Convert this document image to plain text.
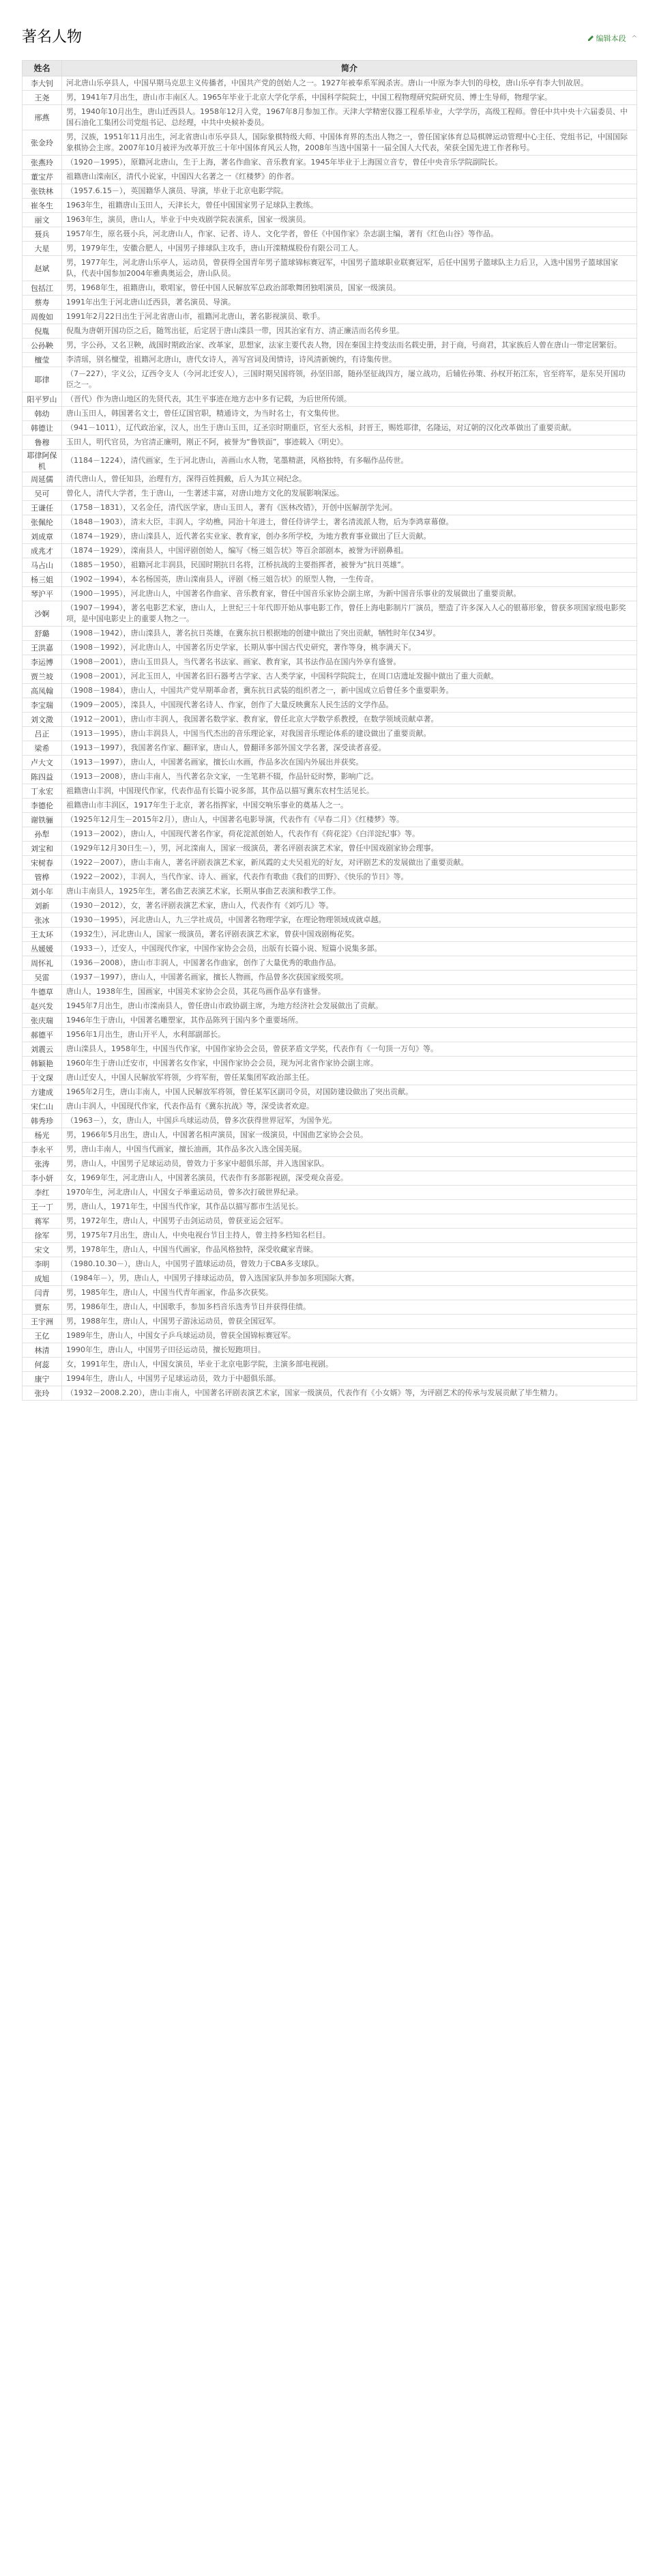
著名人物	编辑本段 ^
姓名	简介
李大钊	河北唐山乐亭县人，中国早期马克思主义传播者，中国共产党的创始人之一。1927年被奉系军阀杀害。唐山一中原为李大钊的母校，唐山乐亭有李大钊故居。
王尧	男，1941年7月出生，唐山市丰南区人。1965年毕业于北京大学化学系，中国科学院院士，中国工程物理研究院研究员、博士生导师，物理学家。
邢燕	男，1940年10月出生，唐山迁西县人。1958年12月入党，1967年8月参加工作。天津大学精密仪器工程系毕业，大学学历，高级工程师。曾任中共中央十六届委员、中国石油化工集团公司党组书记、总经理，中共中央候补委员。
张金玲	男，汉族，1951年11月出生，河北省唐山市乐亭县人，国际象棋特级大师、中国体育界的杰出人物之一，曾任国家体育总局棋牌运动管理中心主任、党组书记，中国国际象棋协会主席。2007年10月被评为改革开放三十年中国体育风云人物，2008年当选中国第十一届全国人大代表，荣获全国先进工作者称号。
张燕玲	（1920－1995），原籍河北唐山，生于上海，著名作曲家、音乐教育家。1945年毕业于上海国立音专，曾任中央音乐学院副院长。
董宝芹	祖籍唐山滦南区，清代小说家，中国四大名著之一《红楼梦》的作者。
张铁林	（1957.6.15－），英国籍华人演员、导演，毕业于北京电影学院。
崔冬生	1963年生，祖籍唐山玉田人，天津长大，曾任中国国家男子足球队主教练。
丽文	1963年生，演员，唐山人，毕业于中央戏剧学院表演系，国家一级演员。
聂兵	1957年生，原名聂小兵，河北唐山人，作家、记者、诗人、文化学者，曾任《中国作家》杂志副主编，著有《红色山谷》等作品。
大星	男，1979年生，安徽合肥人，中国男子排球队主攻手，唐山开滦精煤股份有限公司工人。
赵斌	男，1977年生，河北唐山乐亭人，运动员，曾获得全国青年男子篮球锦标赛冠军，中国男子篮球职业联赛冠军，后任中国男子篮球队主力后卫，入选中国男子篮球国家队，代表中国参加2004年雅典奥运会，唐山队员。
包括江	男，1968年生，祖籍唐山，歌唱家，曾任中国人民解放军总政治部歌舞团独唱演员，国家一级演员。
蔡寿	1991年出生于河北唐山迁西县，著名演员、导演。
周俊如	1991年2月22日出生于河北省唐山市，祖籍河北唐山，著名影视演员、歌手。
倪胤	倪胤为唐朝开国功臣之后，随驾出征，后定居于唐山滦县一带，因其治家有方、清正廉洁而名传乡里。
公孙鞅	男，字公孙，又名卫鞅，战国时期政治家、改革家，思想家，法家主要代表人物，因在秦国主持变法而名载史册，封于商，号商君，其家族后人曾在唐山一带定居繁衍。
檀莹	李清瑶，别名檀莹，祖籍河北唐山，唐代女诗人，善写宫词及闺情诗，诗风清新婉约，有诗集传世。
耶律	（7－227），字义公，辽西令支人（今河北迁安人），三国时期吴国将领，孙坚旧部，随孙坚征战四方，屡立战功，后辅佐孙策、孙权开拓江东，官至将军，是东吴开国功臣之一。
阳平罗山	（晋代）作为唐山地区的先贤代表，其生平事迹在地方志中多有记载，为后世所传颂。
韩幼	唐山玉田人，韩国著名文士，曾任辽国官职，精通诗文，为当时名士，有文集传世。
韩德让	（941－1011），辽代政治家，汉人，出生于唐山玉田，辽圣宗时期重臣，官至大丞相，封晋王，赐姓耶律，名隆运，对辽朝的汉化改革做出了重要贡献。
鲁穆	玉田人，明代官员，为官清正廉明，刚正不阿，被誉为“鲁铁面”，事迹载入《明史》。
耶律阿保机	（1184－1224），清代画家，生于河北唐山，善画山水人物，笔墨精湛，风格独特，有多幅作品传世。
周延儒	清代唐山人，曾任知县，治理有方，深得百姓拥戴，后人为其立祠纪念。
吴可	曾化人，清代大学者，生于唐山，一生著述丰富，对唐山地方文化的发展影响深远。
王谦任	（1758－1831），又名金任，清代医学家，唐山玉田人，著有《医林改错》，开创中医解剖学先河。
张佩纶	（1848－1903），清末大臣，丰润人，字幼樵，同治十年进士，曾任侍讲学士，著名清流派人物，后为李鸿章幕僚。
刘成章	（1874－1929），唐山滦县人，近代著名实业家、教育家，创办多所学校，为地方教育事业做出了巨大贡献。
成兆才	（1874－1929），滦南县人，中国评剧创始人，编写《杨三姐告状》等百余部剧本，被誉为评剧鼻祖。
马占山	（1885－1950），祖籍河北丰润县，民国时期抗日名将，江桥抗战的主要指挥者，被誉为“抗日英雄”。
杨三姐	（1902－1994），本名杨国英，唐山滦南县人，评剧《杨三姐告状》的原型人物，一生传奇。
琴沪平	（1900－1995），河北唐山人，中国著名作曲家、音乐教育家，曾任中国音乐家协会副主席，为新中国音乐事业的发展做出了重要贡献。
沙婀	（1907－1994），著名电影艺术家，唐山人，上世纪三十年代即开始从事电影工作，曾任上海电影制片厂演员，塑造了许多深入人心的银幕形象，曾获多项国家级电影奖项，是中国电影史上的重要人物之一。
舒璐	（1908－1942），唐山滦县人，著名抗日英雄，在冀东抗日根据地的创建中做出了突出贡献，牺牲时年仅34岁。
王洪嘉	（1908－1992），河北唐山人，中国著名历史学家，长期从事中国古代史研究，著作等身，桃李满天下。
李运博	（1908－2001），唐山玉田县人，当代著名书法家、画家、教育家，其书法作品在国内外享有盛誉。
贾兰坡	（1908－2001），河北玉田人，中国著名旧石器考古学家、古人类学家，中国科学院院士，在周口店遗址发掘中做出了重大贡献。
高凤翰	（1908－1984），唐山人，中国共产党早期革命者，冀东抗日武装的组织者之一，新中国成立后曾任多个重要职务。
李宝瑞	（1909－2005），滦县人，中国现代著名诗人、作家，创作了大量反映冀东人民生活的文学作品。
刘文澂	（1912－2001），唐山市丰润人，我国著名数学家、教育家，曾任北京大学数学系教授，在数学领域贡献卓著。
吕正	（1913－1995），唐山丰润县人，中国当代杰出的音乐理论家，对我国音乐理论体系的建设做出了重要贡献。
梁希	（1913－1997），我国著名作家、翻译家，唐山人，曾翻译多部外国文学名著，深受读者喜爱。
卢大文	（1913－1997），唐山人，中国著名画家，擅长山水画，作品多次在国内外展出并获奖。
陈四益	（1913－2008），唐山丰南人，当代著名杂文家，一生笔耕不辍，作品针砭时弊，影响广泛。
丁永宏	祖籍唐山丰润，中国现代作家，代表作品有长篇小说多部，其作品以描写冀东农村生活见长。
李德伦	祖籍唐山市丰润区，1917年生于北京，著名指挥家，中国交响乐事业的奠基人之一。
谢铁骊	（1925年12月生－2015年2月），唐山人，中国著名电影导演，代表作有《早春二月》《红楼梦》等。
孙犁	（1913－2002），唐山人，中国现代著名作家，荷花淀派创始人，代表作有《荷花淀》《白洋淀纪事》等。
刘宝和	（1929年12月30日生－），男，河北滦南人，国家一级演员，著名评剧表演艺术家，曾任中国戏剧家协会理事。
宋树春	（1922－2007），唐山丰南人，著名评剧表演艺术家，新凤霞的丈夫吴祖光的好友，对评剧艺术的发展做出了重要贡献。
管桦	（1922－2002），丰润人，当代作家、诗人、画家，代表作有歌曲《我们的田野》、《快乐的节日》等。
刘小年	唐山丰南县人，1925年生，著名曲艺表演艺术家，长期从事曲艺表演和教学工作。
刘新	（1930－2012），女，著名评剧表演艺术家，唐山人，代表作有《刘巧儿》等。
张冰	（1930－1995），河北唐山人，九三学社成员，中国著名物理学家，在理论物理领域成就卓越。
王太环	（1932生），河北唐山人，国家一级演员，著名评剧表演艺术家，曾获中国戏剧梅花奖。
丛媛媛	（1933－），迁安人，中国现代作家，中国作家协会会员，出版有长篇小说、短篇小说集多部。
周怀礼	（1936－2008），唐山市丰润人，中国著名作曲家，创作了大量优秀的歌曲作品。
吴雷	（1937－1997），唐山人，中国著名画家，擅长人物画，作品曾多次获国家级奖项。
牛德草	唐山人，1938年生，国画家，中国美术家协会会员，其花鸟画作品享有盛誉。
赵兴发	1945年7月出生，唐山市滦南县人，曾任唐山市政协副主席，为地方经济社会发展做出了贡献。
张庆瑞	1946年生于唐山，中国著名雕塑家，其作品陈列于国内多个重要场所。
郝德平	1956年1月出生，唐山开平人，水利部副部长。
刘震云	唐山滦县人，1958年生，中国当代作家，中国作家协会会员，曾获茅盾文学奖，代表作有《一句顶一万句》等。
韩颖艳	1960年生于唐山迁安市，中国著名女作家，中国作家协会会员，现为河北省作家协会副主席。
于文琛	唐山迁安人，中国人民解放军将领，少将军衔，曾任某集团军政治部主任。
方建成	1965年2月生，唐山丰南人，中国人民解放军将领，曾任某军区副司令员，对国防建设做出了突出贡献。
宋仁山	唐山丰润人，中国现代作家，代表作品有《冀东抗战》等，深受读者欢迎。
韩秀珍	（1963－），女，唐山人，中国乒乓球运动员，曾多次获得世界冠军，为国争光。
杨光	男，1966年5月出生，唐山人，中国著名相声演员，国家一级演员，中国曲艺家协会会员。
李永平	男，唐山丰南人，中国当代画家，擅长油画，其作品多次入选全国美展。
张涛	男，唐山人，中国男子足球运动员，曾效力于多家中超俱乐部，并入选国家队。
李小妍	女，1969年生，河北唐山人，中国著名演员，代表作有多部影视剧，深受观众喜爱。
李红	1970年生，河北唐山人，中国女子举重运动员，曾多次打破世界纪录。
王一丁	男，唐山人，1971年生，中国当代作家，其作品以描写都市生活见长。
蒋军	男，1972年生，唐山人，中国男子击剑运动员，曾获亚运会冠军。
徐军	男，1975年7月出生，唐山人，中央电视台节目主持人，曾主持多档知名栏目。
宋文	男，1978年生，唐山人，中国当代画家，作品风格独特，深受收藏家青睐。
李明	（1980.10.30－），唐山人，中国男子篮球运动员，曾效力于CBA多支球队。
成旭	（1984年－），男，唐山人，中国男子排球运动员，曾入选国家队并参加多项国际大赛。
闫青	男，1985年生，唐山人，中国当代青年画家，作品多次获奖。
贾东	男，1986年生，唐山人，中国歌手，参加多档音乐选秀节目并获得佳绩。
王宇洲	男，1988年生，唐山人，中国男子游泳运动员，曾获全国冠军。
王亿	1989年生，唐山人，中国女子乒乓球运动员，曾获全国锦标赛冠军。
林清	1990年生，唐山人，中国男子田径运动员，擅长短跑项目。
何蕊	女，1991年生，唐山人，中国女演员，毕业于北京电影学院，主演多部电视剧。
康宁	1994年生，唐山人，中国男子足球运动员，效力于中超俱乐部。
张玲	（1932－2008.2.20），唐山丰南人，中国著名评剧表演艺术家，国家一级演员，代表作有《小女婿》等，为评剧艺术的传承与发展贡献了毕生精力。
